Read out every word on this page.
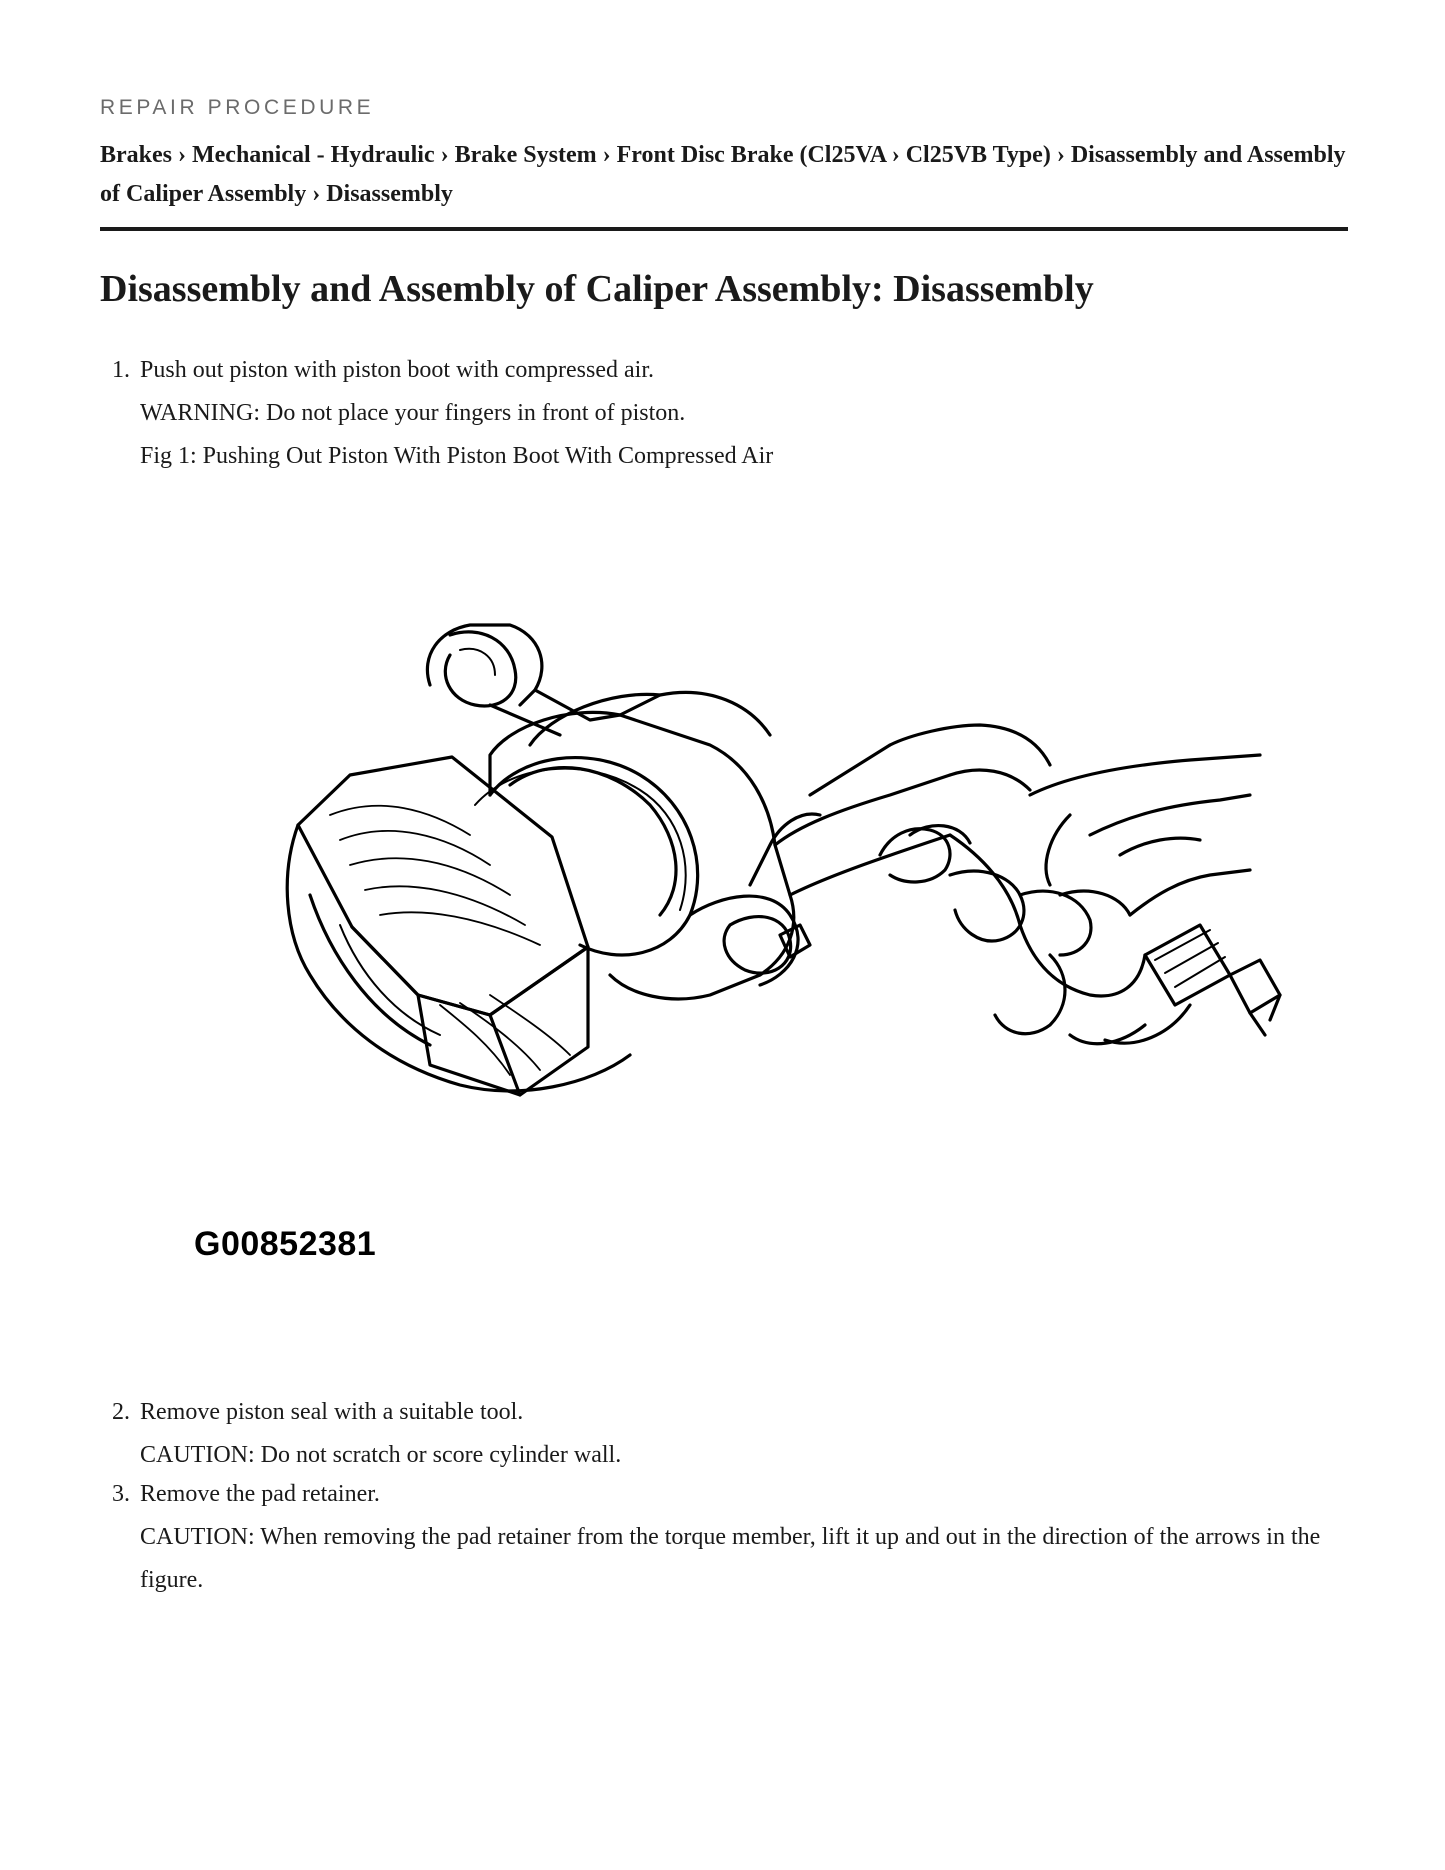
REPAIR PROCEDURE

Brakes › Mechanical - Hydraulic › Brake System › Front Disc Brake (Cl25VA › Cl25VB Type) › Disassembly and Assembly of Caliper Assembly › Disassembly

Disassembly and Assembly of Caliper Assembly: Disassembly
1. Push out piston with piston boot with compressed air.
WARNING: Do not place your fingers in front of piston.
Fig 1: Pushing Out Piston With Piston Boot With Compressed Air
G00852381
2. Remove piston seal with a suitable tool.
CAUTION: Do not scratch or score cylinder wall.
3. Remove the pad retainer.
CAUTION: When removing the pad retainer from the torque member, lift it up and out in the direction of the arrows in the figure.
